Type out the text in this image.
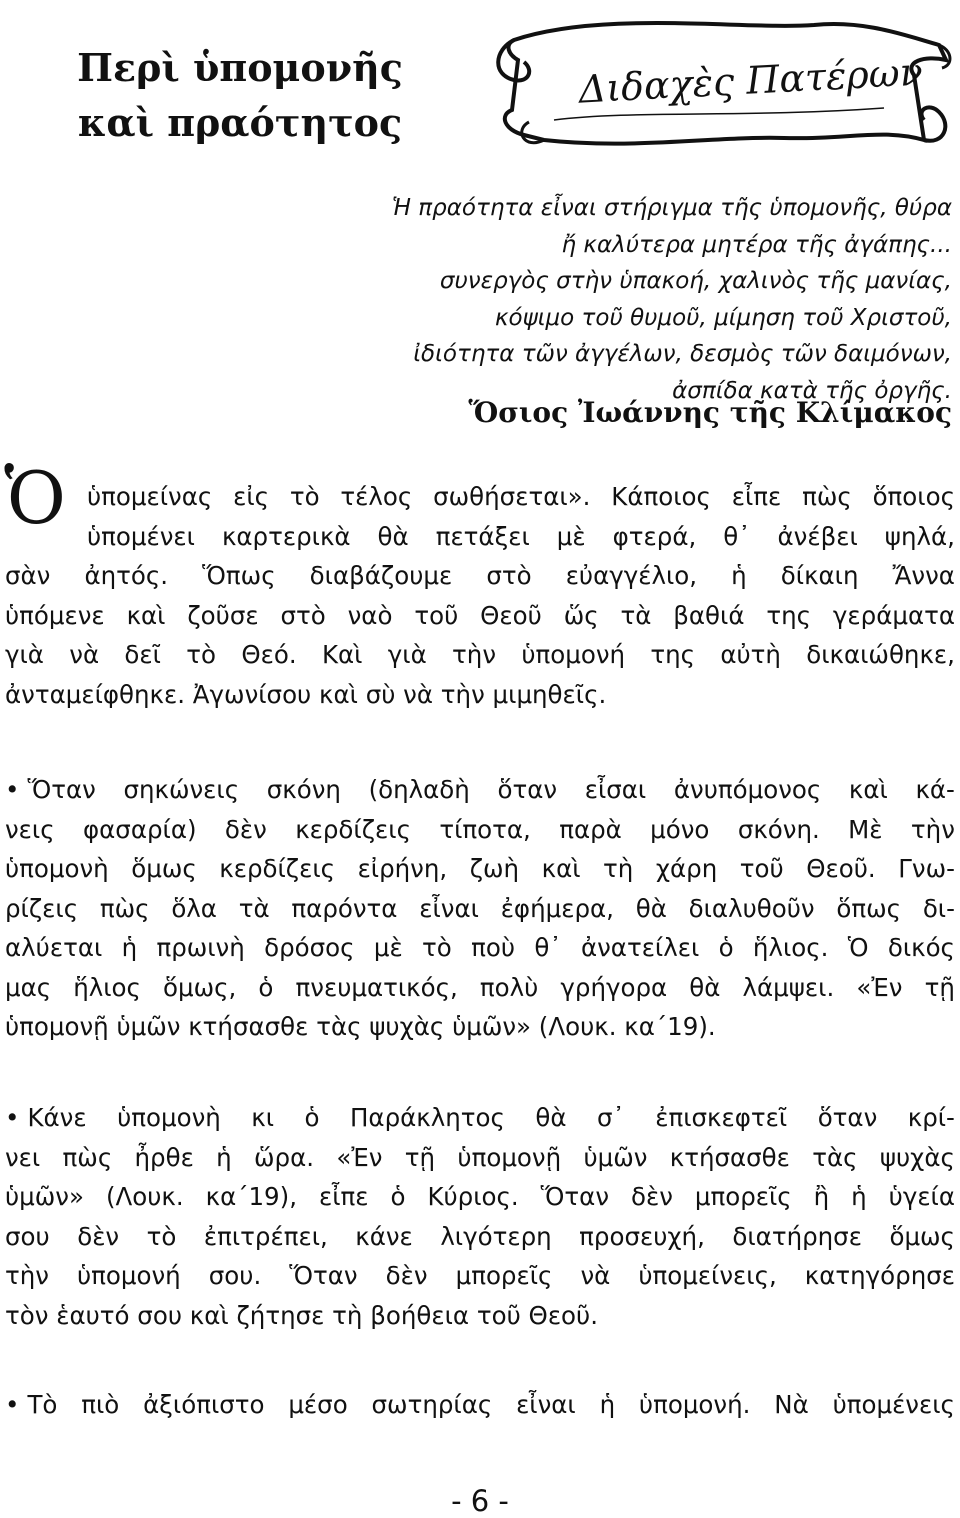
Περὶ ὑπομονῆς
καὶ πραότητος
Διδαχὲς Πατέρων
Ἡ πραότητα εἶναι στήριγμα τῆς ὑπομονῆς, θύρα
ἤ καλύτερα μητέρα τῆς ἀγάπης...
συνεργὸς στὴν ὑπακοή, χαλινὸς τῆς μανίας,
κόψιμο τοῦ θυμοῦ, μίμηση τοῦ Χριστοῦ,
ἰδιότητα τῶν ἀγγέλων, δεσμὸς τῶν δαιμόνων,
ἀσπίδα κατὰ τῆς ὀργῆς.
Ὅσιος Ἰωάννης τῆς Κλίμακος
Ὁ ὑπομείνας εἰς τὸ τέλος σωθήσεται». Κάποιος εἶπε πὼς ὅποιος
ὑπομένει καρτερικὰ θὰ πετάξει μὲ φτερά, θ᾽ ἀνέβει ψηλά,
σὰν ἀητός. Ὅπως διαβάζουμε στὸ εὐαγγέλιο, ἡ δίκαιη Ἄννα
ὑπόμενε καὶ ζοῦσε στὸ ναὸ τοῦ Θεοῦ ὥς τὰ βαθιά της γεράματα
γιὰ νὰ δεῖ τὸ Θεό. Καὶ γιὰ τὴν ὑπομονή της αὐτὴ δικαιώθηκε,
ἀνταμείφθηκε. Ἀγωνίσου καὶ σὺ νὰ τὴν μιμηθεῖς.
• Ὅταν σηκώνεις σκόνη (δηλαδὴ ὅταν εἶσαι ἀνυπόμονος καὶ κά-
νεις φασαρία) δὲν κερδίζεις τίποτα, παρὰ μόνο σκόνη. Μὲ τὴν
ὑπομονὴ ὅμως κερδίζεις εἰρήνη, ζωὴ καὶ τὴ χάρη τοῦ Θεοῦ. Γνω-
ρίζεις πὼς ὅλα τὰ παρόντα εἶναι ἐφήμερα, θὰ διαλυθοῦν ὅπως δι-
αλύεται ἡ πρωινὴ δρόσος μὲ τὸ ποὺ θ᾽ ἀνατείλει ὁ ἥλιος. Ὁ δικός
μας ἥλιος ὅμως, ὁ πνευματικός, πολὺ γρήγορα θὰ λάμψει. «Ἐν τῇ
ὑπομονῇ ὑμῶν κτήσασθε τὰς ψυχὰς ὑμῶν» (Λουκ. κα΄19).
• Κάνε ὑπομονὴ κι ὁ Παράκλητος θὰ σ᾽ ἐπισκεφτεῖ ὅταν κρί-
νει πὼς ἦρθε ἡ ὥρα. «Ἐν τῇ ὑπομονῇ ὑμῶν κτήσασθε τὰς ψυχὰς
ὑμῶν» (Λουκ. κα΄19), εἶπε ὁ Κύριος. Ὅταν δὲν μπορεῖς ἢ ἡ ὑγεία
σου δὲν τὸ ἐπιτρέπει, κάνε λιγότερη προσευχή, διατήρησε ὅμως
τὴν ὑπομονή σου. Ὅταν δὲν μπορεῖς νὰ ὑπομείνεις, κατηγόρησε
τὸν ἑαυτό σου καὶ ζήτησε τὴ βοήθεια τοῦ Θεοῦ.
• Τὸ πιὸ ἀξιόπιστο μέσο σωτηρίας εἶναι ἡ ὑπομονή. Νὰ ὑπομένεις
- 6 -
